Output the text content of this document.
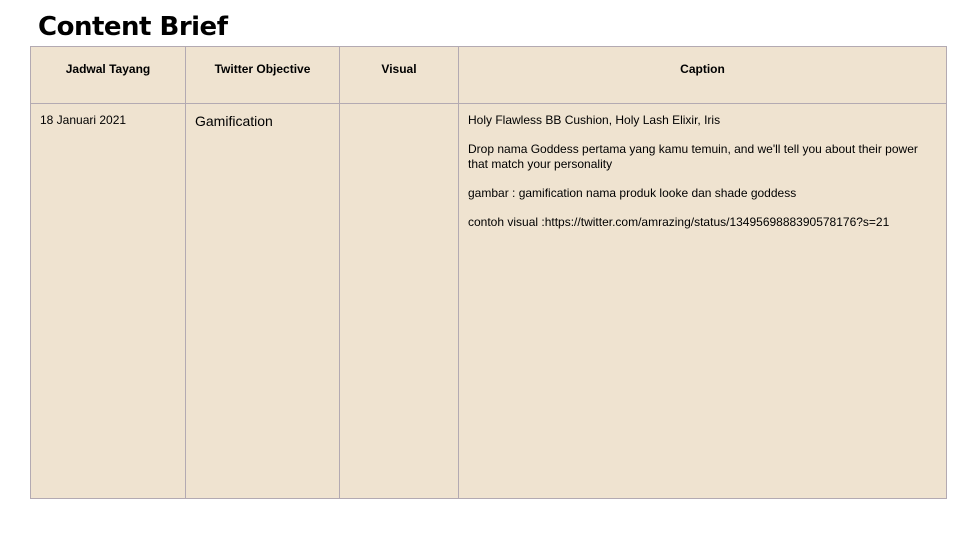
Content Brief
Jadwal Tayang	Twitter Objective	Visual	Caption
18 Januari 2021	Gamification		Holy Flawless BB Cushion, Holy Lash Elixir, Iris
Drop nama Goddess pertama yang kamu temuin, and we'll tell you about their power that match your personality
gambar : gamification nama produk looke dan shade goddess
contoh visual :https://twitter.com/amrazing/status/1349569888390578176?s=21
